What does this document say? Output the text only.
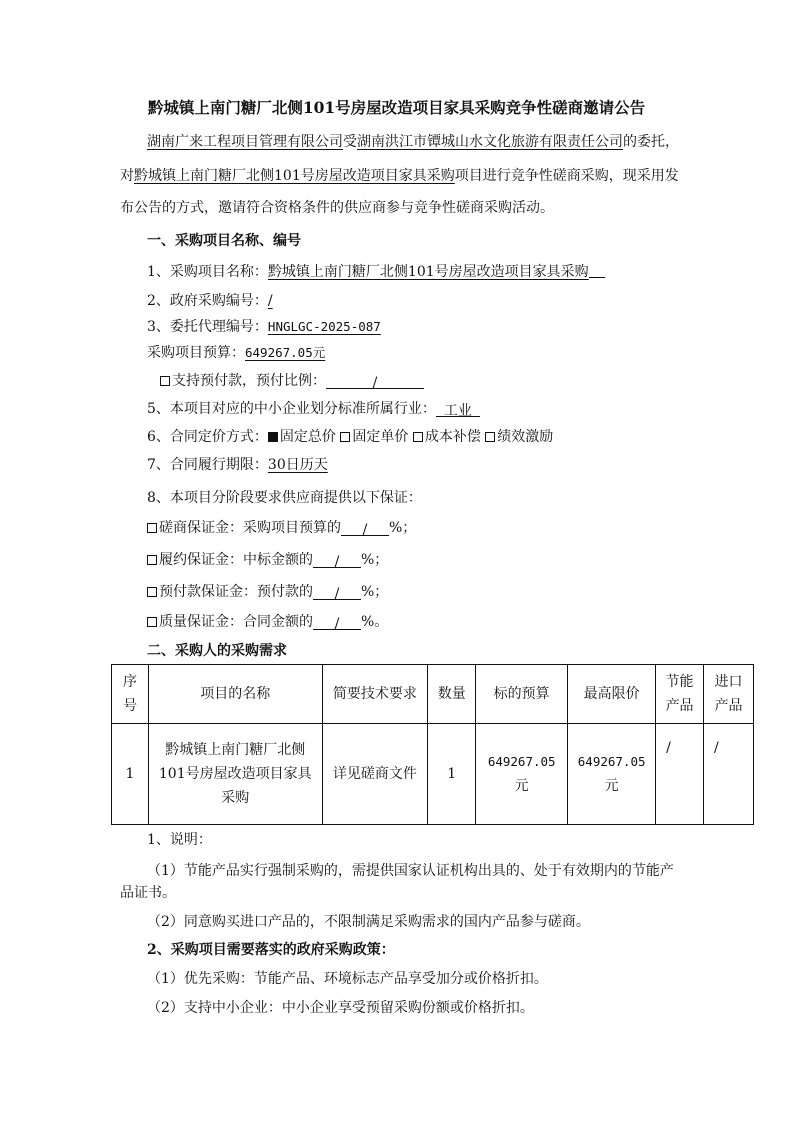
黔城镇上南门糖厂北侧101号房屋改造项目家具采购竞争性磋商邀请公告
湖南广来工程项目管理有限公司受湖南洪江市镡城山水文化旅游有限责任公司的委托，
对黔城镇上南门糖厂北侧101号房屋改造项目家具采购项目进行竞争性磋商采购，现采用发
布公告的方式，邀请符合资格条件的供应商参与竞争性磋商采购活动。
一、采购项目名称、编号
1、采购项目名称：黔城镇上南门糖厂北侧101号房屋改造项目家具采购
2、政府采购编号：/
3、委托代理编号：HNGLGC-2025-087
采购项目预算：649267.05元
支持预付款，预付比例：	/
5、本项目对应的中小企业划分标准所属行业： 工业
6、合同定价方式： 固定总价 固定单价 成本补偿 绩效激励
7、合同履行期限：30日历天
8、本项目分阶段要求供应商提供以下保证：
磋商保证金：采购项目预算的 / %；
履约保证金：中标金额的 / %；
预付款保证金：预付款的 / %；
质量保证金：合同金额的 / %。
二、采购人的采购需求
序
号	项目的名称	简要技术要求	数量	标的预算	最高限价	节能
产品	进口
产品
1	黔城镇上南门糖厂北侧
101号房屋改造项目家具
采购	详见磋商文件	1	649267.05
元	649267.05
元	/	/
1、说明：
（1）节能产品实行强制采购的，需提供国家认证机构出具的、处于有效期内的节能产
品证书。
（2）同意购买进口产品的，不限制满足采购需求的国内产品参与磋商。
2、采购项目需要落实的政府采购政策：
（1）优先采购：节能产品、环境标志产品享受加分或价格折扣。
（2）支持中小企业：中小企业享受预留采购份额或价格折扣。
